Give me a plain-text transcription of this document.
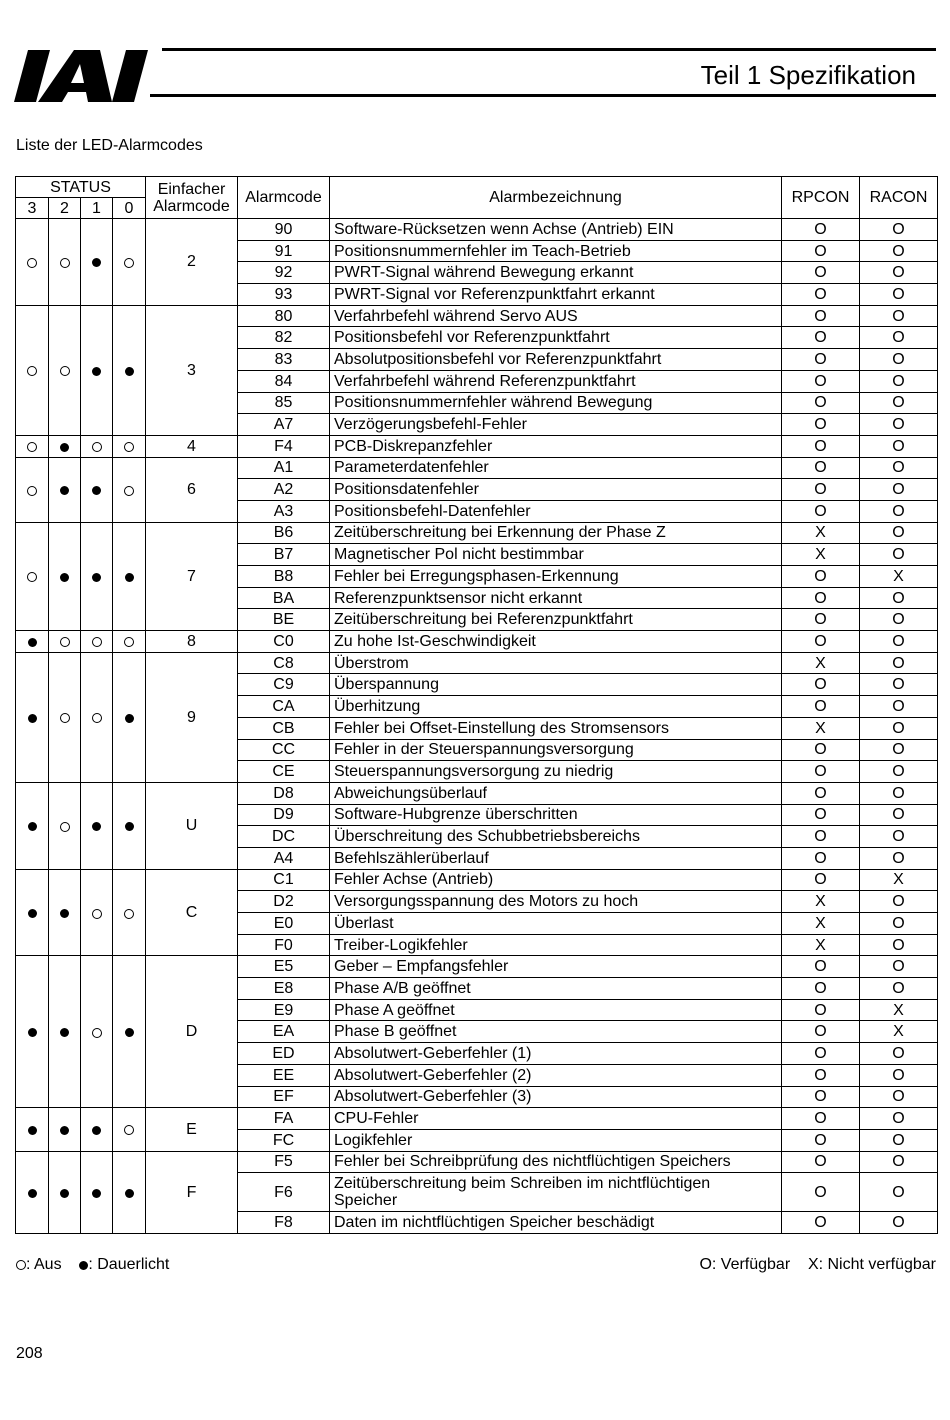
Teil 1 Spezifikation
Liste der LED-Alarmcodes
STATUS				Einfacher Alarmcode	Alarmcode	Alarmbezeichnung	RPCON	RACON
3	2	1	0					
				2	90	Software-Rücksetzen wenn Achse (Antrieb) EIN	O	O
					91	Positionsnummernfehler im Teach-Betrieb	O	O
					92	PWRT-Signal während Bewegung erkannt	O	O
					93	PWRT-Signal vor Referenzpunktfahrt erkannt	O	O
				3	80	Verfahrbefehl während Servo AUS	O	O
					82	Positionsbefehl vor Referenzpunktfahrt	O	O
					83	Absolutpositionsbefehl vor Referenzpunktfahrt	O	O
					84	Verfahrbefehl während Referenzpunktfahrt	O	O
					85	Positionsnummernfehler während Bewegung	O	O
					A7	Verzögerungsbefehl-Fehler	O	O
				4	F4	PCB-Diskrepanzfehler	O	O
				6	A1	Parameterdatenfehler	O	O
					A2	Positionsdatenfehler	O	O
					A3	Positionsbefehl-Datenfehler	O	O
				7	B6	Zeitüberschreitung bei Erkennung der Phase Z	X	O
					B7	Magnetischer Pol nicht bestimmbar	X	O
					B8	Fehler bei Erregungsphasen-Erkennung	O	X
					BA	Referenzpunktsensor nicht erkannt	O	O
					BE	Zeitüberschreitung bei Referenzpunktfahrt	O	O
				8	C0	Zu hohe Ist-Geschwindigkeit	O	O
				9	C8	Überstrom	X	O
					C9	Überspannung	O	O
					CA	Überhitzung	O	O
					CB	Fehler bei Offset-Einstellung des Stromsensors	X	O
					CC	Fehler in der Steuerspannungsversorgung	O	O
					CE	Steuerspannungsversorgung zu niedrig	O	O
				U	D8	Abweichungsüberlauf	O	O
					D9	Software-Hubgrenze überschritten	O	O
					DC	Überschreitung des Schubbetriebsbereichs	O	O
					A4	Befehlszählerüberlauf	O	O
				C	C1	Fehler Achse (Antrieb)	O	X
					D2	Versorgungsspannung des Motors zu hoch	X	O
					E0	Überlast	X	O
					F0	Treiber-Logikfehler	X	O
				D	E5	Geber – Empfangsfehler	O	O
					E8	Phase A/B geöffnet	O	O
					E9	Phase A geöffnet	O	X
					EA	Phase B geöffnet	O	X
					ED	Absolutwert-Geberfehler (1)	O	O
					EE	Absolutwert-Geberfehler (2)	O	O
					EF	Absolutwert-Geberfehler (3)	O	O
				E	FA	CPU-Fehler	O	O
					FC	Logikfehler	O	O
				F	F5	Fehler bei Schreibprüfung des nichtflüchtigen Speichers	O	O
					F6	Zeitüberschreitung beim Schreiben im nichtflüchtigen Speicher	O	O
					F8	Daten im nichtflüchtigen Speicher beschädigt	O	O
: Aus : Dauerlicht	O: Verfügbar X: Nicht verfügbar
208
